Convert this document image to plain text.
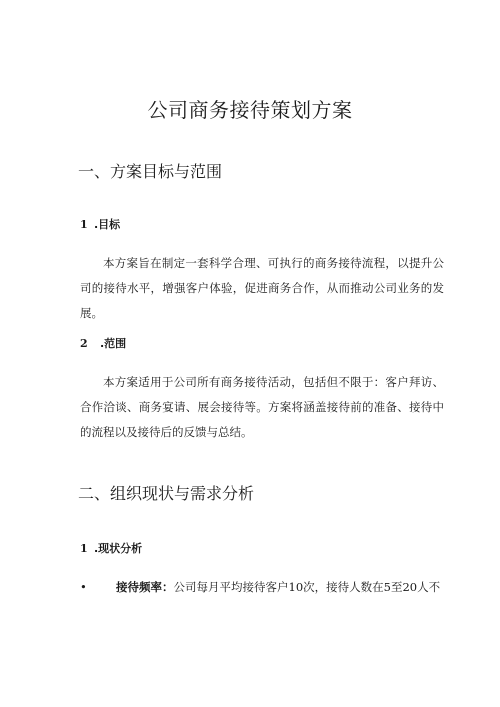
公司商务接待策划方案
一、方案目标与范围
1 .目标

本方案旨在制定一套科学合理、可执行的商务接待流程，以提升公司的接待水平，增强客户体验，促进商务合作，从而推动公司业务的发展。

2 .范围

本方案适用于公司所有商务接待活动，包括但不限于：客户拜访、合作洽谈、商务宴请、展会接待等。方案将涵盖接待前的准备、接待中的流程以及接待后的反馈与总结。

二、组织现状与需求分析
1 .现状分析
•	接待频率：公司每月平均接待客户10次，接待人数在5至20人不
